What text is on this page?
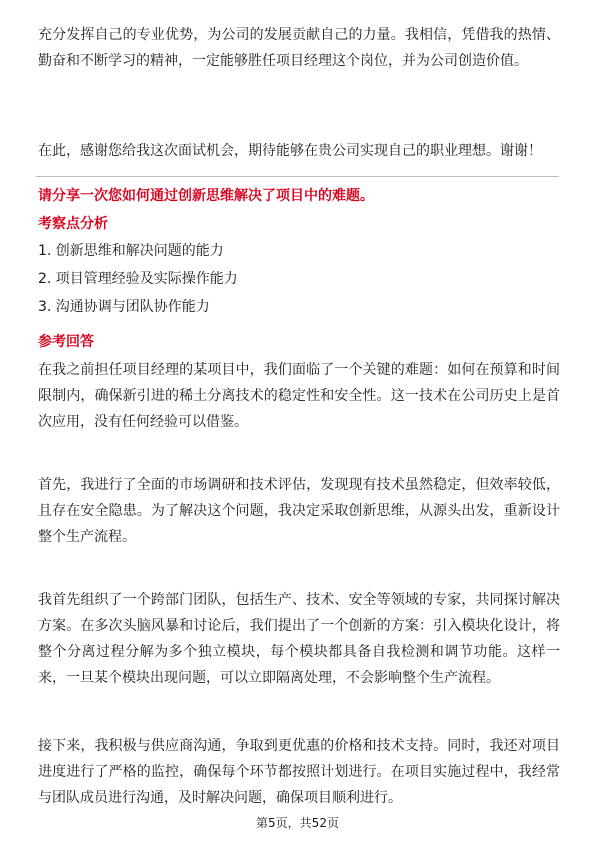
充分发挥自己的专业优势，为公司的发展贡献自己的力量。我相信，凭借我的热情、勤奋和不断学习的精神，一定能够胜任项目经理这个岗位，并为公司创造价值。

在此，感谢您给我这次面试机会，期待能够在贵公司实现自己的职业理想。谢谢！

请分享一次您如何通过创新思维解决了项目中的难题。

考察点分析

1. 创新思维和解决问题的能力

2. 项目管理经验及实际操作能力

3. 沟通协调与团队协作能力

参考回答

在我之前担任项目经理的某项目中，我们面临了一个关键的难题：如何在预算和时间限制内，确保新引进的稀土分离技术的稳定性和安全性。这一技术在公司历史上是首次应用，没有任何经验可以借鉴。

首先，我进行了全面的市场调研和技术评估，发现现有技术虽然稳定，但效率较低，且存在安全隐患。为了解决这个问题，我决定采取创新思维，从源头出发，重新设计整个生产流程。

我首先组织了一个跨部门团队，包括生产、技术、安全等领域的专家，共同探讨解决方案。在多次头脑风暴和讨论后，我们提出了一个创新的方案：引入模块化设计，将整个分离过程分解为多个独立模块，每个模块都具备自我检测和调节功能。这样一来，一旦某个模块出现问题，可以立即隔离处理，不会影响整个生产流程。

接下来，我积极与供应商沟通，争取到更优惠的价格和技术支持。同时，我还对项目进度进行了严格的监控，确保每个环节都按照计划进行。在项目实施过程中，我经常与团队成员进行沟通，及时解决问题，确保项目顺利进行。

第5页，共52页
